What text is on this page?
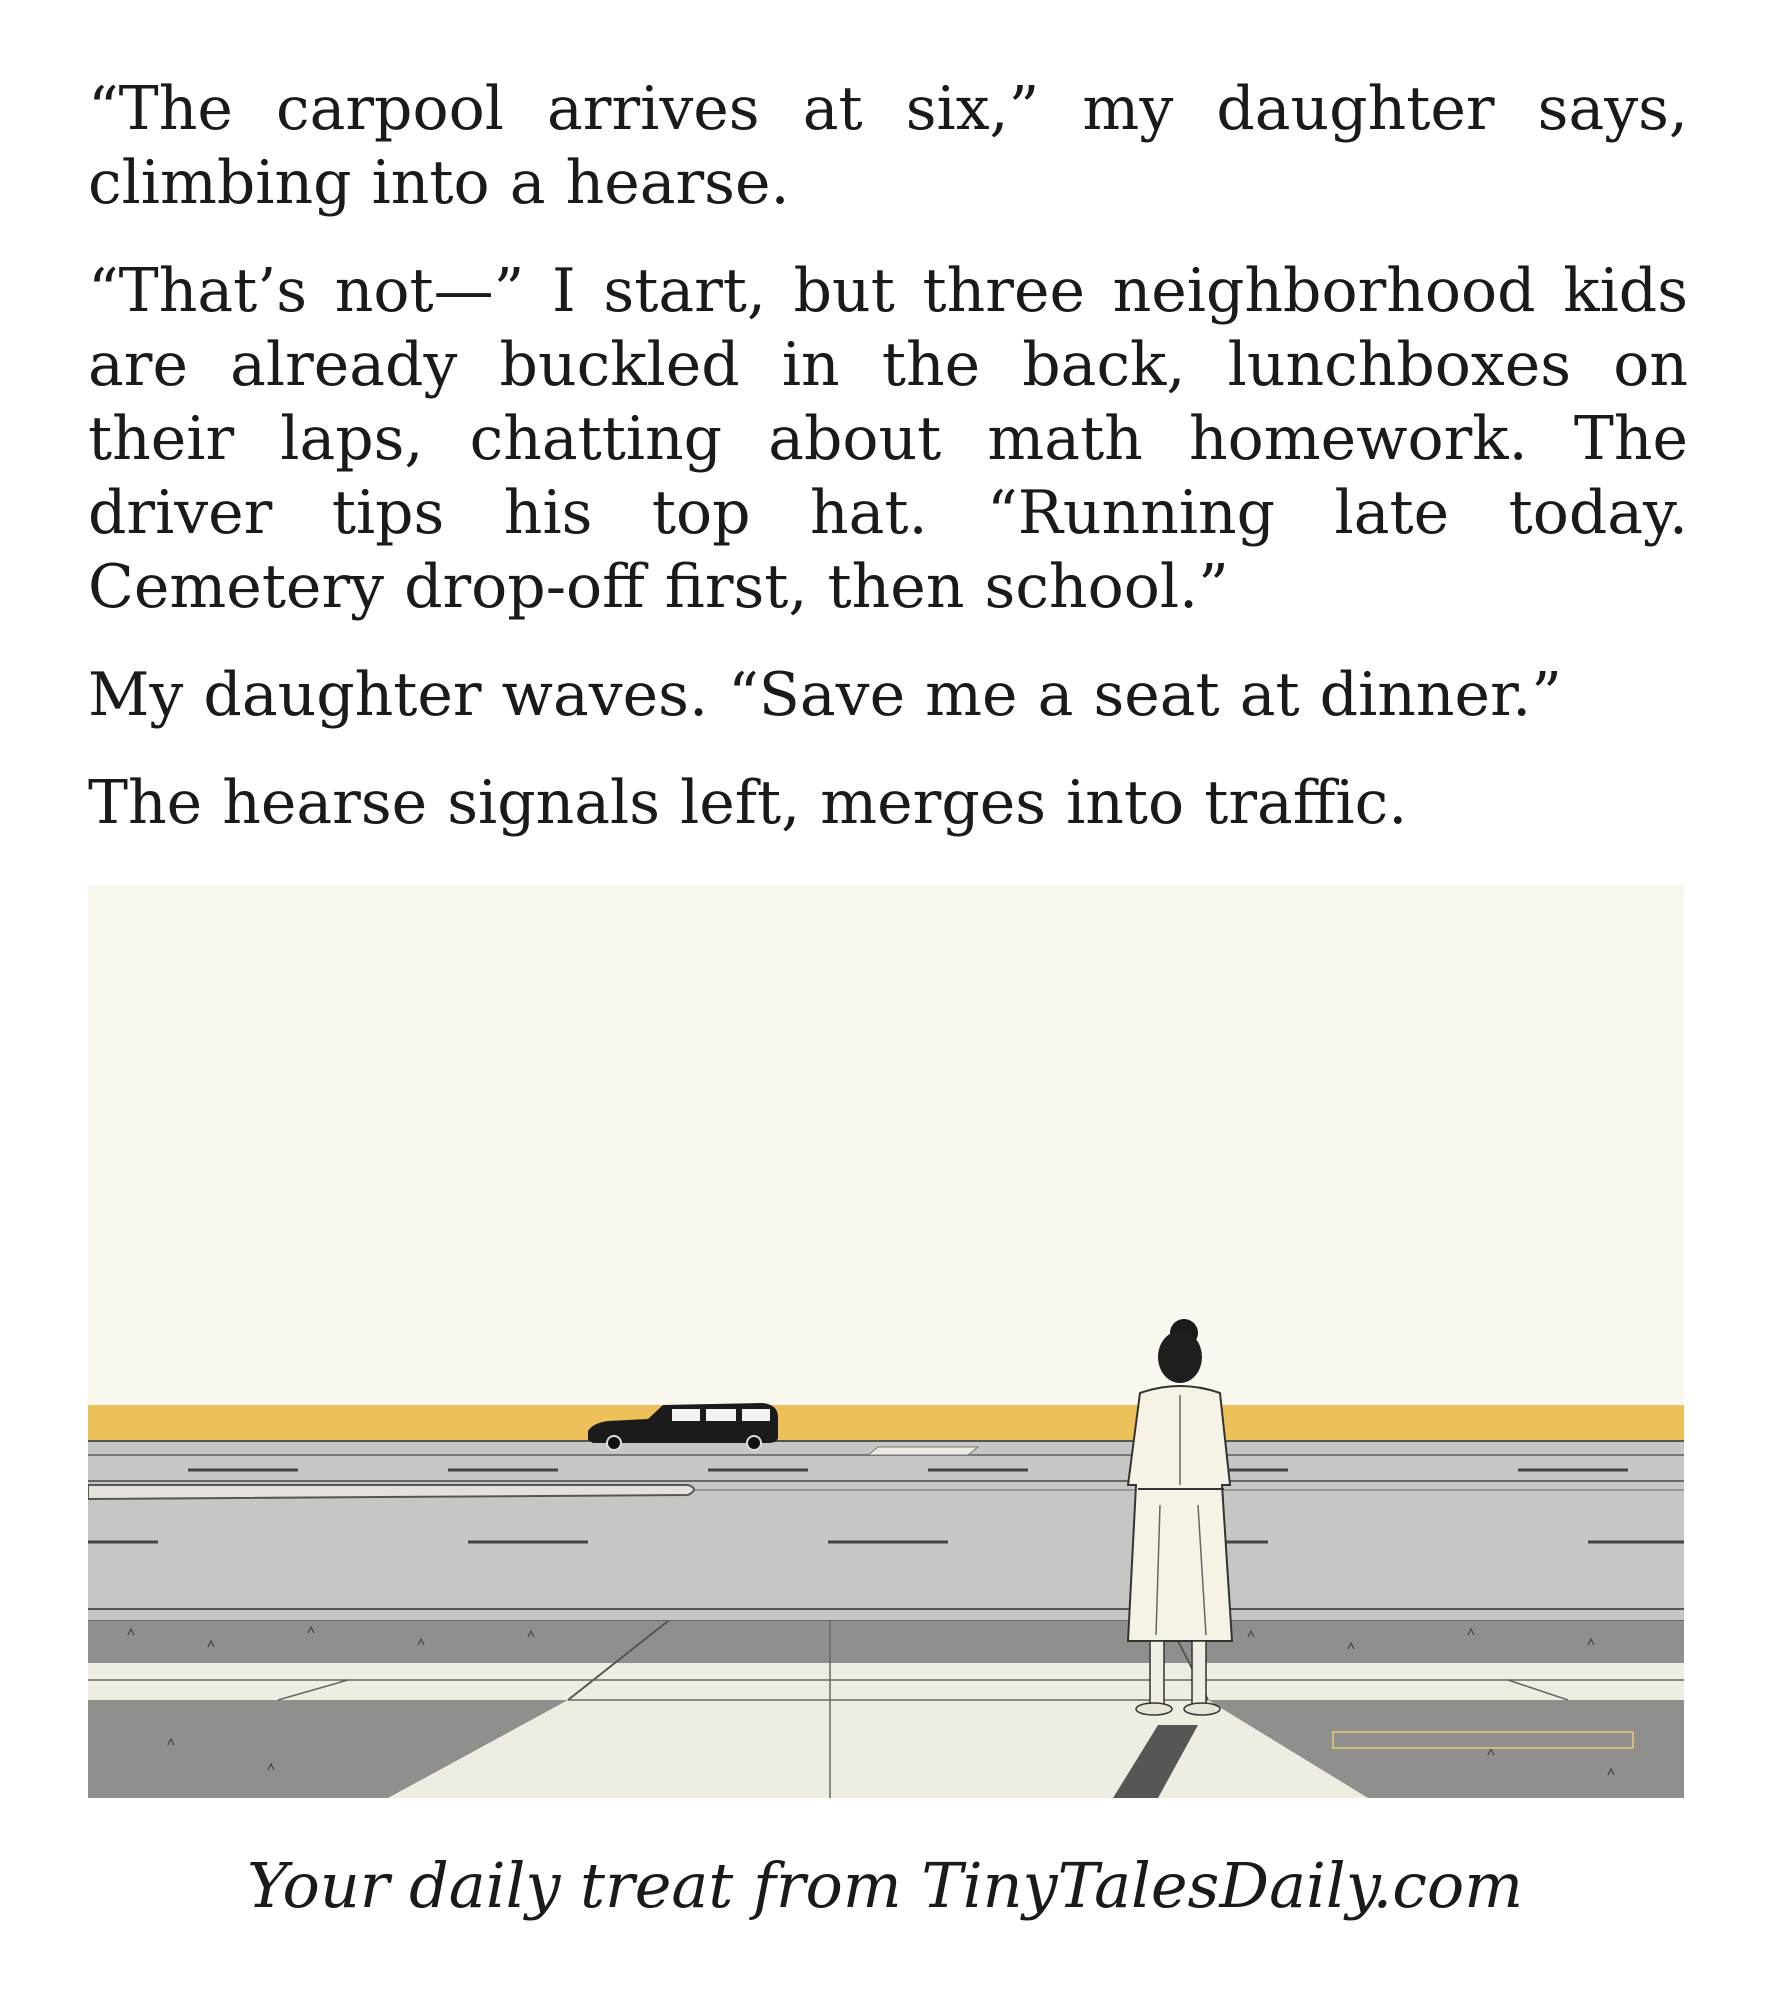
“The carpool arrives at six,” my daughter says, climbing into a hearse.

“That’s not—” I start, but three neighborhood kids are already buckled in the back, lunchboxes on their laps, chatting about math homework. The driver tips his top hat. “Running late today. Cemetery drop-off first, then school.”

My daughter waves. “Save me a seat at dinner.”

The hearse signals left, merges into traffic.

Your daily treat from TinyTalesDaily.com
